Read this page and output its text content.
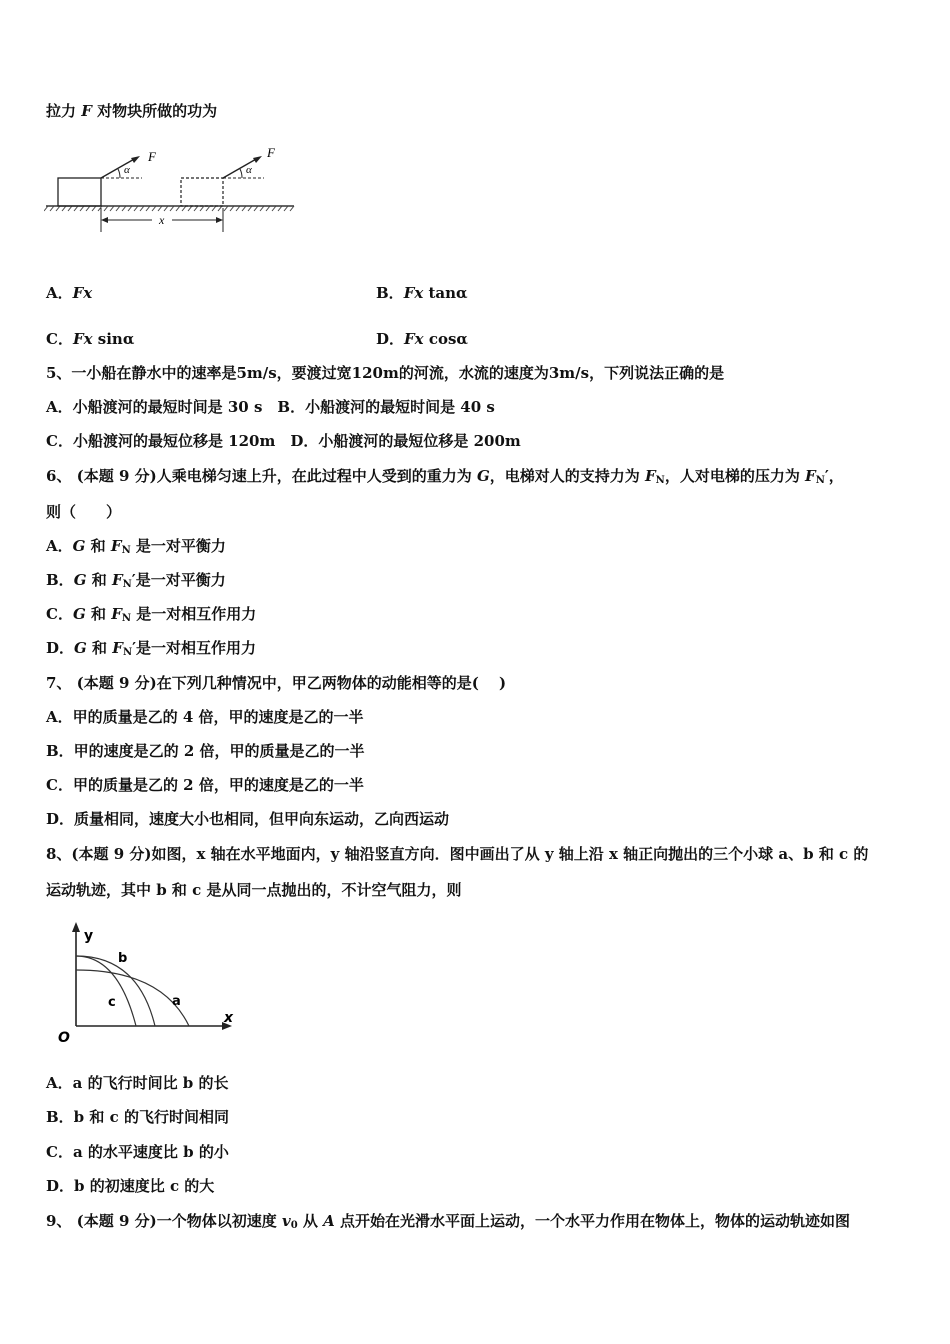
拉力 F 对物块所做的功为
F	F
α	α
x
A．Fx	B．Fx tanα
C．Fx sinα	D．Fx cosα
5、一小船在静水中的速率是5m/s，要渡过宽120m的河流，水流的速度为3m/s，下列说法正确的是
A．小船渡河的最短时间是 30 s　B．小船渡河的最短时间是 40 s
C．小船渡河的最短位移是 120m　D．小船渡河的最短位移是 200m
6、 (本题 9 分)人乘电梯匀速上升，在此过程中人受到的重力为 G，电梯对人的支持力为 $F_N$，人对电梯的压力为 $F_N'$，
则（　　）
A．G 和 $F_N$ 是一对平衡力
B．G 和 $F_N'$是一对平衡力
C．G 和 $F_N$ 是一对相互作用力
D．G 和 $F_N'$是一对相互作用力
7、 (本题 9 分)在下列几种情况中，甲乙两物体的动能相等的是(　 )
A．甲的质量是乙的 4 倍，甲的速度是乙的一半
B．甲的速度是乙的 2 倍，甲的质量是乙的一半
C．甲的质量是乙的 2 倍，甲的速度是乙的一半
D．质量相同，速度大小也相同，但甲向东运动，乙向西运动
8、(本题 9 分)如图，x 轴在水平地面内，y 轴沿竖直方向．图中画出了从 y 轴上沿 x 轴正向抛出的三个小球 a、b 和 c 的
运动轨迹，其中 b 和 c 是从同一点抛出的，不计空气阻力，则
y
x
O
b
c	a
A．a 的飞行时间比 b 的长
B．b 和 c 的飞行时间相同
C．a 的水平速度比 b 的小
D．b 的初速度比 c 的大
9、 (本题 9 分)一个物体以初速度 $v_0$ 从 A 点开始在光滑水平面上运动，一个水平力作用在物体上，物体的运动轨迹如图
